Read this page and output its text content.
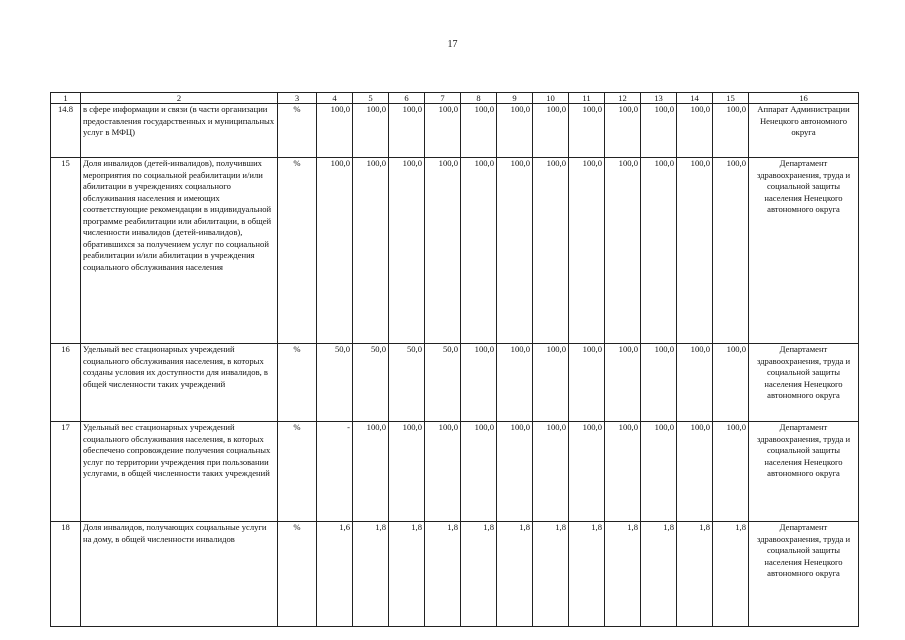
17
1	2	3	4	5	6	7	8	9	10	11	12	13	14	15	16
14.8	в сфере информации и связи (в части организации предоставления государственных и муниципальных услуг в МФЦ)	%	100,0	100,0	100,0	100,0	100,0	100,0	100,0	100,0	100,0	100,0	100,0	100,0	Аппарат Администрации Ненецкого автономного округа
15	Доля инвалидов (детей-инвалидов), получивших мероприятия по социальной реабилитации и/или абилитации в учреждениях социального обслуживания населения и имеющих соответствующие рекомендации в индивидуальной программе реабилитации или абилитации, в общей численности инвалидов (детей-инвалидов), обратившихся за получением услуг по социальной реабилитации и/или абилитации в учреждения социального обслуживания населения	%	100,0	100,0	100,0	100,0	100,0	100,0	100,0	100,0	100,0	100,0	100,0	100,0	Департамент здравоохранения, труда и социальной защиты населения Ненецкого автономного округа
16	Удельный вес стационарных учреждений социального обслуживания населения, в которых созданы условия их доступности для инвалидов, в общей численности таких учреждений	%	50,0	50,0	50,0	50,0	100,0	100,0	100,0	100,0	100,0	100,0	100,0	100,0	Департамент здравоохранения, труда и социальной защиты населения Ненецкого автономного округа
17	Удельный вес стационарных учреждений социального обслуживания населения, в которых обеспечено сопровождение получения социальных услуг по территории учреждения при пользовании услугами, в общей численности таких учреждений	%	-	100,0	100,0	100,0	100,0	100,0	100,0	100,0	100,0	100,0	100,0	100,0	Департамент здравоохранения, труда и социальной защиты населения Ненецкого автономного округа
18	Доля инвалидов, получающих социальные услуги на дому, в общей численности инвалидов	%	1,6	1,8	1,8	1,8	1,8	1,8	1,8	1,8	1,8	1,8	1,8	1,8	Департамент здравоохранения, труда и социальной защиты населения Ненецкого автономного округа
